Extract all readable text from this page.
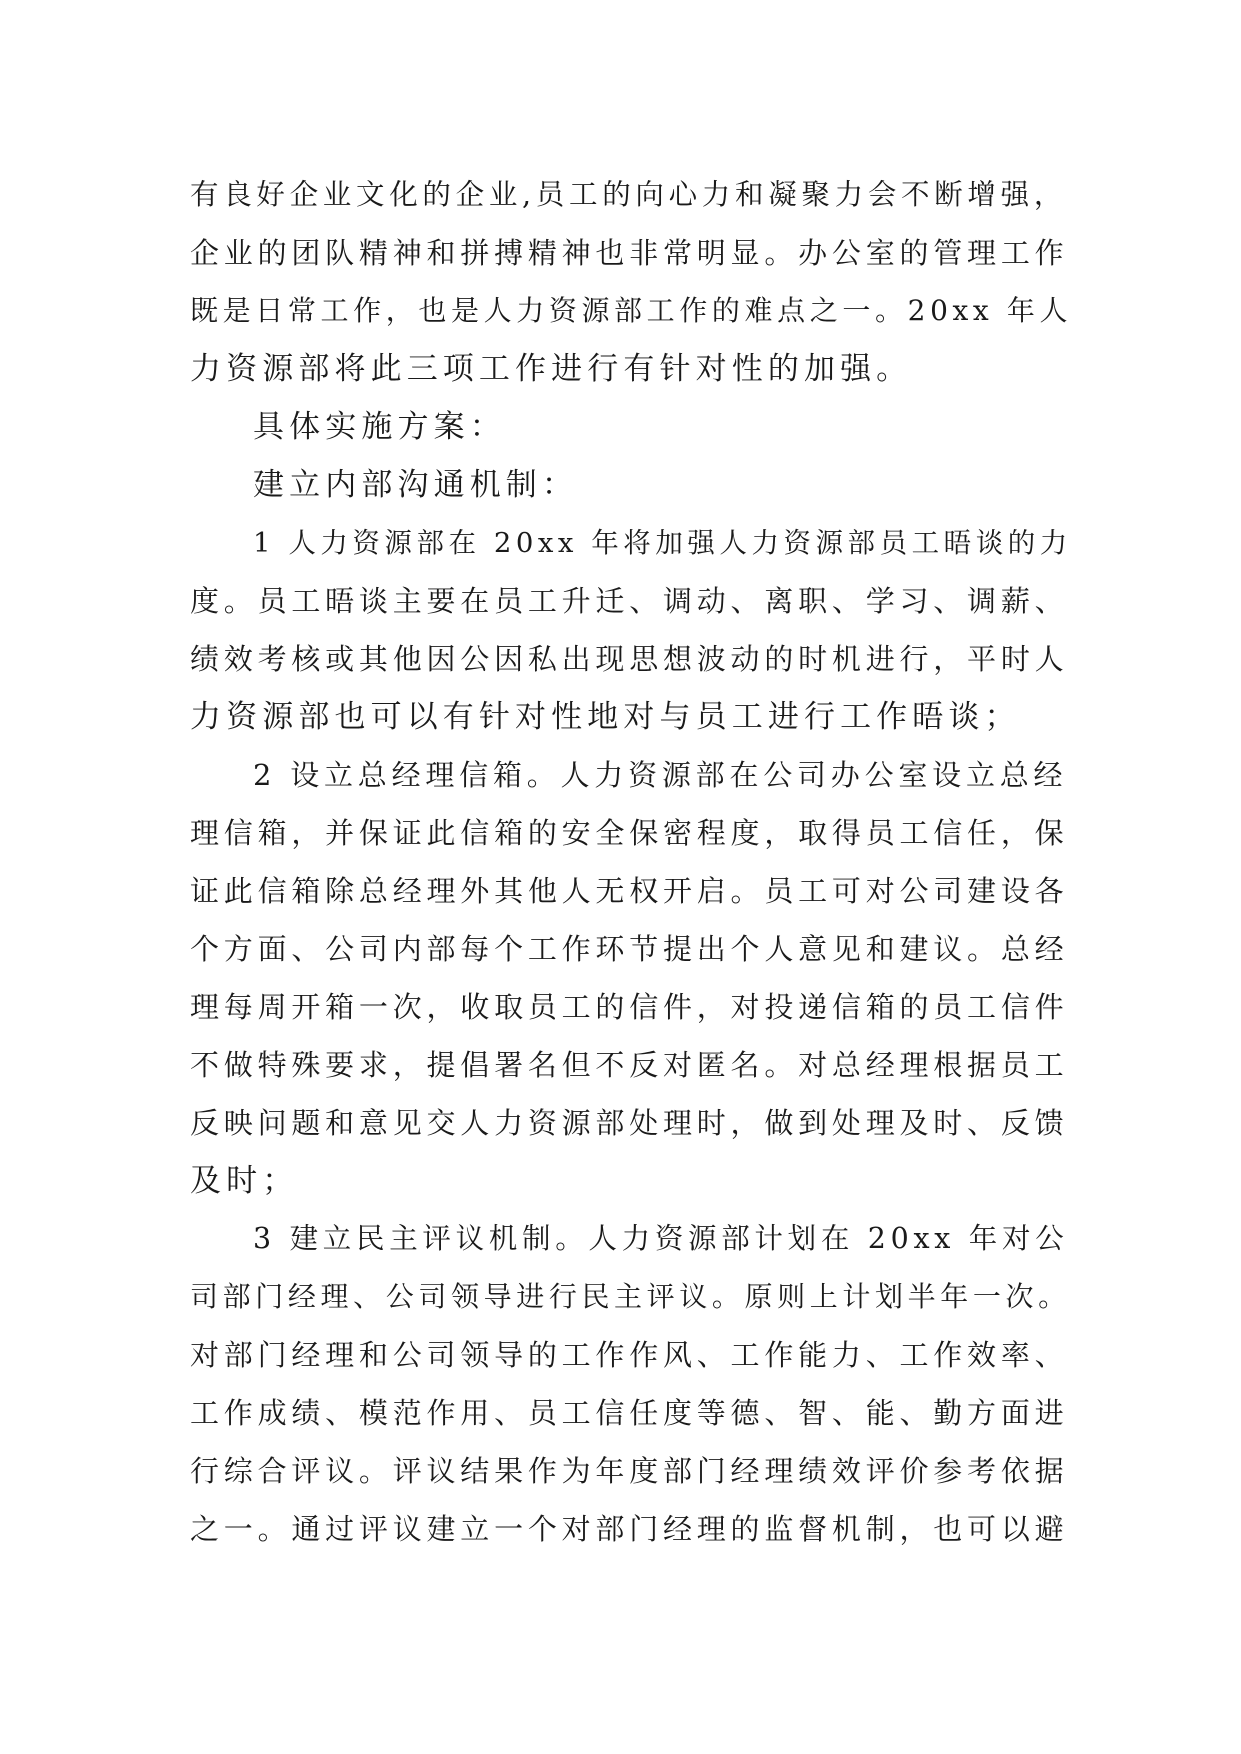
有良好企业文化的企业,员工的向心力和凝聚力会不断增强，

企业的团队精神和拼搏精神也非常明显。办公室的管理工作

既是日常工作，也是人力资源部工作的难点之一。20xx 年人

力资源部将此三项工作进行有针对性的加强。

具体实施方案：

建立内部沟通机制：

1 人力资源部在 20xx 年将加强人力资源部员工晤谈的力

度。员工晤谈主要在员工升迁、调动、离职、学习、调薪、

绩效考核或其他因公因私出现思想波动的时机进行，平时人

力资源部也可以有针对性地对与员工进行工作晤谈；

2 设立总经理信箱。人力资源部在公司办公室设立总经

理信箱，并保证此信箱的安全保密程度，取得员工信任，保

证此信箱除总经理外其他人无权开启。员工可对公司建设各

个方面、公司内部每个工作环节提出个人意见和建议。总经

理每周开箱一次，收取员工的信件，对投递信箱的员工信件

不做特殊要求，提倡署名但不反对匿名。对总经理根据员工

反映问题和意见交人力资源部处理时，做到处理及时、反馈

及时；

3 建立民主评议机制。人力资源部计划在 20xx 年对公

司部门经理、公司领导进行民主评议。原则上计划半年一次。

对部门经理和公司领导的工作作风、工作能力、工作效率、

工作成绩、模范作用、员工信任度等德、智、能、勤方面进

行综合评议。评议结果作为年度部门经理绩效评价参考依据

之一。通过评议建立一个对部门经理的监督机制，也可以避
